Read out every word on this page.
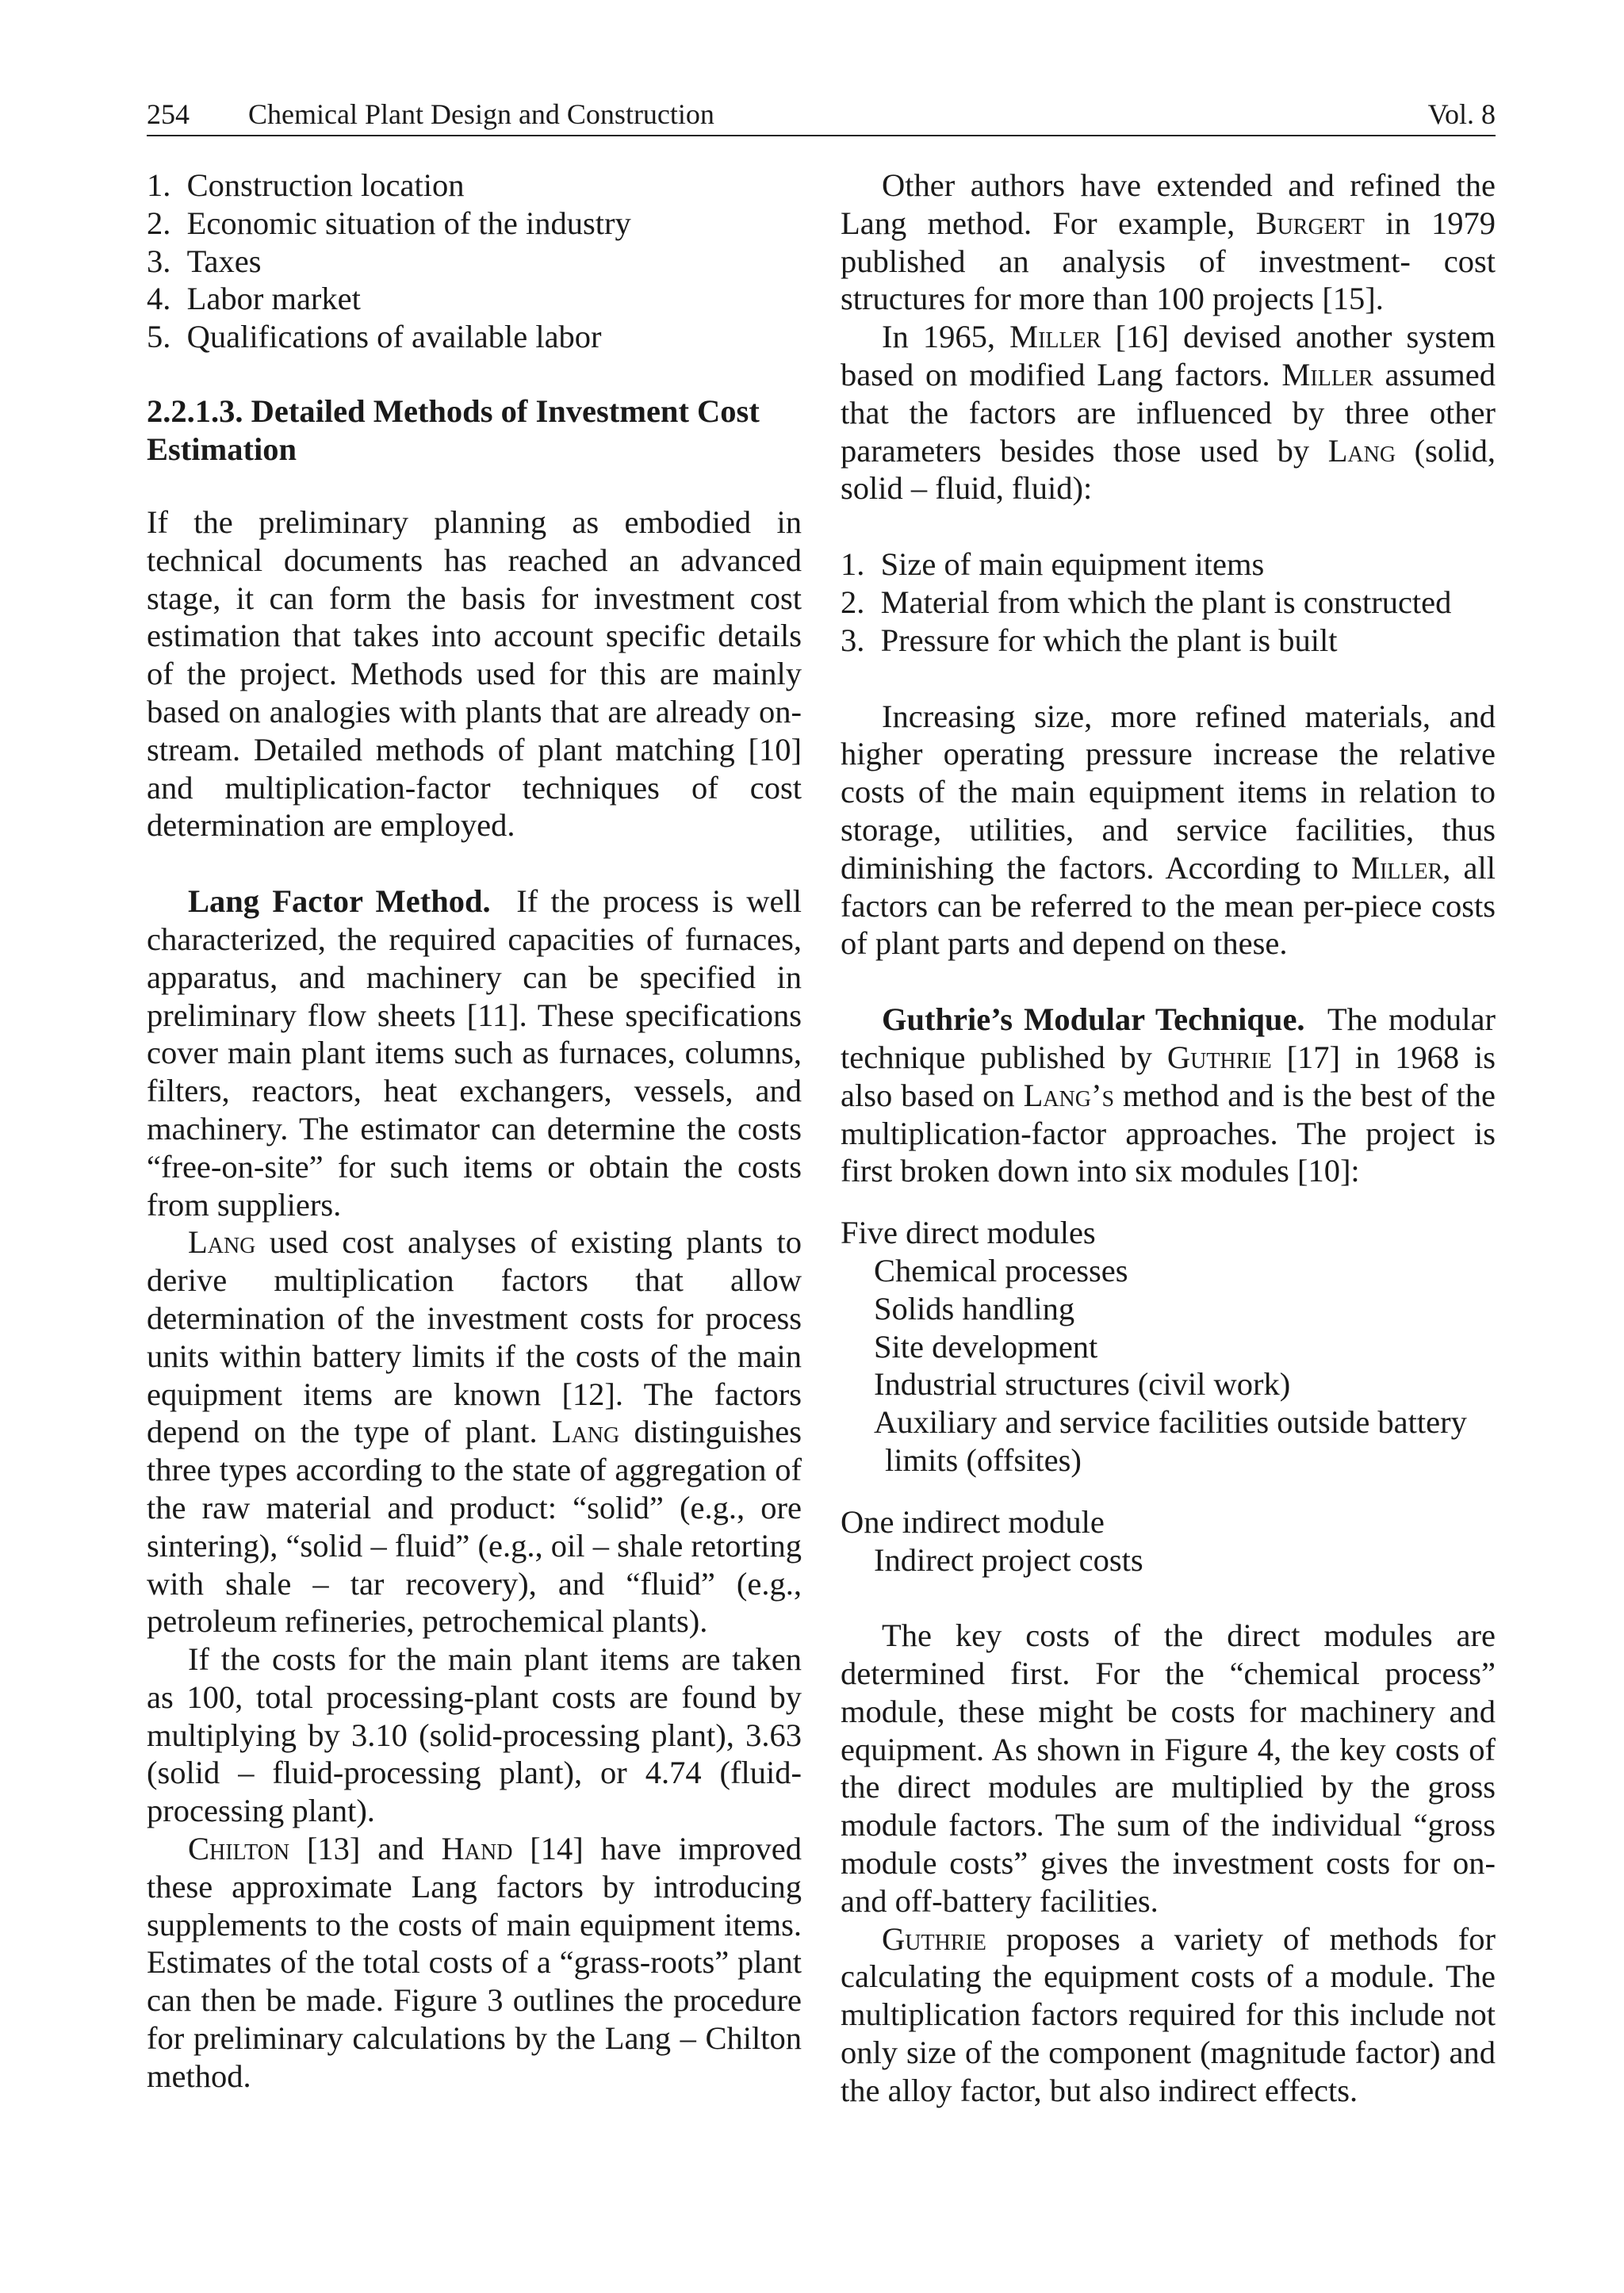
254 Chemical Plant Design and Construction	Vol. 8
1.  Construction location
2.  Economic situation of the industry
3.  Taxes
4.  Labor market
5.  Qualifications of available labor
2.2.1.3. Detailed Methods of Investment Cost Estimation

If the preliminary planning as embodied in technical documents has reached an advanced stage, it can form the basis for investment cost estimation that takes into account specific details of the project. Methods used for this are mainly based on analogies with plants that are already on-stream. Detailed methods of plant matching [10] and multiplication-factor techniques of cost determination are employed.

Lang Factor Method.  If the process is well characterized, the required capacities of furnaces, apparatus, and machinery can be specified in preliminary flow sheets [11]. These specifications cover main plant items such as furnaces, columns, filters, reactors, heat exchangers, vessels, and machinery. The estimator can determine the costs “free-on-site” for such items or obtain the costs from suppliers.

Lang used cost analyses of existing plants to derive multiplication factors that allow determination of the investment costs for process units within battery limits if the costs of the main equipment items are known [12]. The factors depend on the type of plant. Lang distinguishes three types according to the state of aggregation of the raw material and product: “solid” (e.g., ore sintering), “solid – fluid” (e.g., oil – shale retorting with shale – tar recovery), and “fluid” (e.g., petroleum refineries, petrochemical plants).

If the costs for the main plant items are taken as 100, total processing-plant costs are found by multiplying by 3.10 (solid-processing plant), 3.63 (solid – fluid-processing plant), or 4.74 (fluid-processing plant).

Chilton [13] and Hand [14] have improved these approximate Lang factors by introducing supplements to the costs of main equipment items. Estimates of the total costs of a “grass-roots” plant can then be made. Figure 3 outlines the procedure for preliminary calculations by the Lang – Chilton method.

Other authors have extended and refined the Lang method. For example, Burgert in 1979 published an analysis of investment- cost structures for more than 100 projects [15].

In 1965, Miller [16] devised another system based on modified Lang factors. Miller assumed that the factors are influenced by three other parameters besides those used by Lang (solid, solid – fluid, fluid):

1.  Size of main equipment items
2.  Material from which the plant is constructed
3.  Pressure for which the plant is built

Increasing size, more refined materials, and higher operating pressure increase the relative costs of the main equipment items in relation to storage, utilities, and service facilities, thus diminishing the factors. According to Miller, all factors can be referred to the mean per-piece costs of plant parts and depend on these.

Guthrie’s Modular Technique.  The modular technique published by Guthrie [17] in 1968 is also based on Lang’s method and is the best of the multiplication-factor approaches. The project is first broken down into six modules [10]:

Five direct modules
Chemical processes
Solids handling
Site development
Industrial structures (civil work)
Auxiliary and service facilities outside battery limits (offsites)
One indirect module
Indirect project costs

The key costs of the direct modules are determined first. For the “chemical process” module, these might be costs for machinery and equipment. As shown in Figure 4, the key costs of the direct modules are multiplied by the gross module factors. The sum of the individual “gross module costs” gives the investment costs for on- and off-battery facilities.

Guthrie proposes a variety of methods for calculating the equipment costs of a module. The multiplication factors required for this include not only size of the component (magnitude factor) and the alloy factor, but also indirect effects.
